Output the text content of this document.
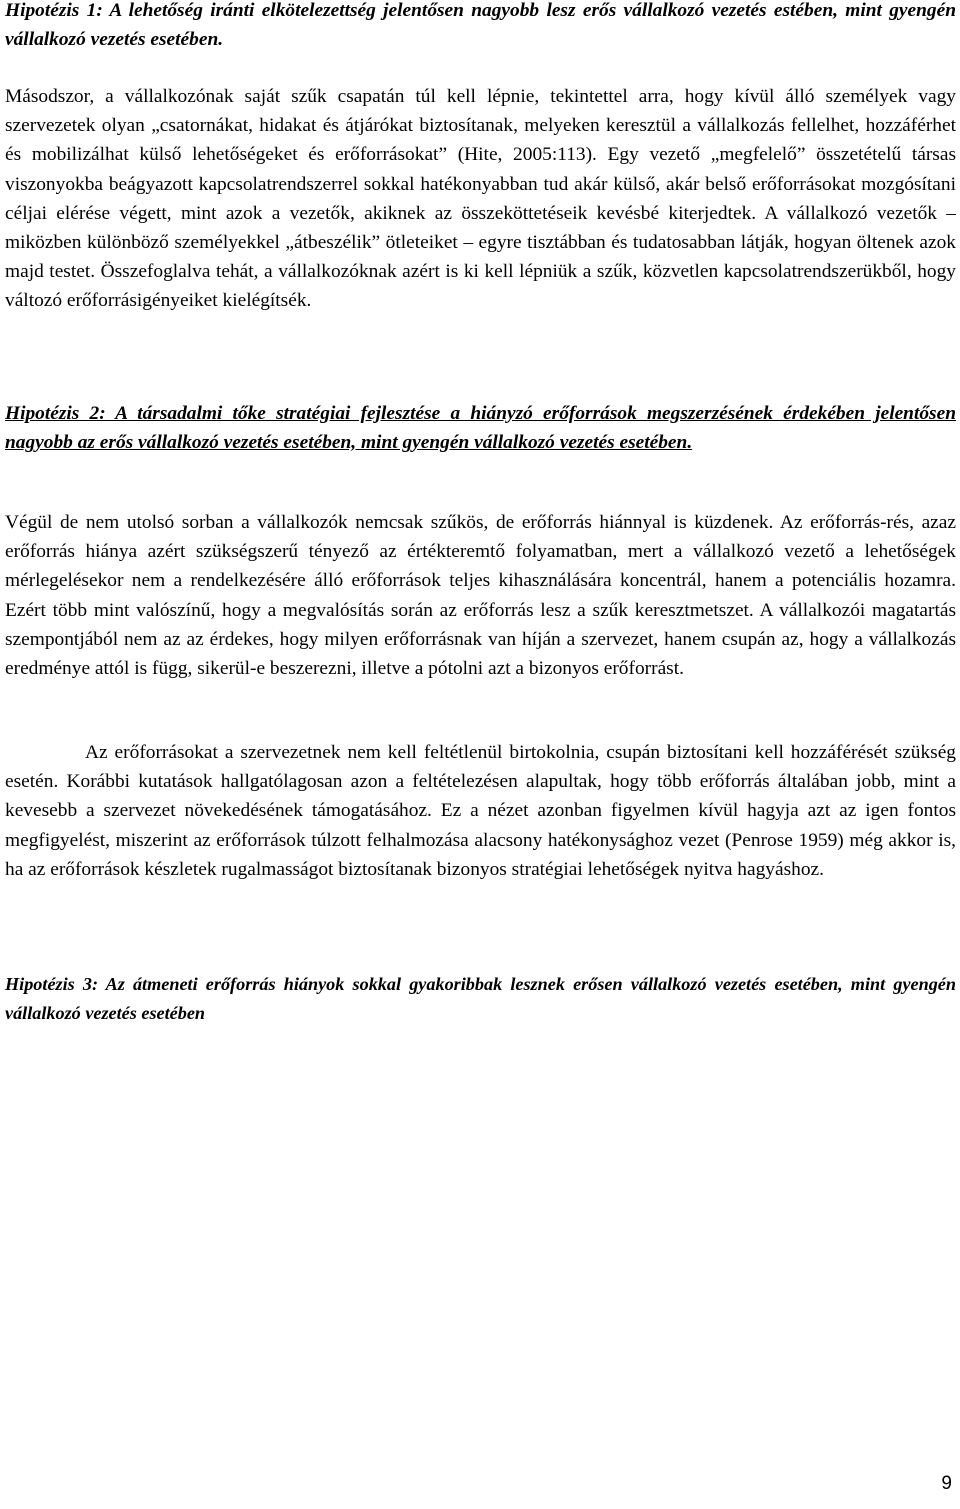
Hipotézis 1: A lehetőség iránti elkötelezettség jelentősen nagyobb lesz erős vállalkozó vezetés estében, mint gyengén vállalkozó vezetés esetében.

Másodszor, a vállalkozónak saját szűk csapatán túl kell lépnie, tekintettel arra, hogy kívül álló személyek vagy szervezetek olyan „csatornákat, hidakat és átjárókat biztosítanak, melyeken keresztül a vállalkozás fellelhet, hozzáférhet és mobilizálhat külső lehetőségeket és erőforrásokat” (Hite, 2005:113). Egy vezető „megfelelő” összetételű társas viszonyokba beágyazott kapcsolatrendszerrel sokkal hatékonyabban tud akár külső, akár belső erőforrásokat mozgósítani céljai elérése végett, mint azok a vezetők, akiknek az összeköttetéseik kevésbé kiterjedtek. A vállalkozó vezetők – miközben különböző személyekkel „átbeszélik” ötleteiket – egyre tisztábban és tudatosabban látják, hogyan öltenek azok majd testet. Összefoglalva tehát, a vállalkozóknak azért is ki kell lépniük a szűk, közvetlen kapcsolatrendszerükből, hogy változó erőforrásigényeiket kielégítsék.

Hipotézis 2: A társadalmi tőke stratégiai fejlesztése a hiányzó erőforrások megszerzésének érdekében jelentősen nagyobb az erős vállalkozó vezetés esetében, mint gyengén vállalkozó vezetés esetében.

Végül de nem utolsó sorban a vállalkozók nemcsak szűkös, de erőforrás hiánnyal is küzdenek. Az erőforrás-rés, azaz erőforrás hiánya azért szükségszerű tényező az értékteremtő folyamatban, mert a vállalkozó vezető a lehetőségek mérlegelésekor nem a rendelkezésére álló erőforrások teljes kihasználására koncentrál, hanem a potenciális hozamra. Ezért több mint valószínű, hogy a megvalósítás során az erőforrás lesz a szűk keresztmetszet. A vállalkozói magatartás szempontjából nem az az érdekes, hogy milyen erőforrásnak van híján a szervezet, hanem csupán az, hogy a vállalkozás eredménye attól is függ, sikerül-e beszerezni, illetve a pótolni azt a bizonyos erőforrást.

Az erőforrásokat a szervezetnek nem kell feltétlenül birtokolnia, csupán biztosítani kell hozzáférését szükség esetén. Korábbi kutatások hallgatólagosan azon a feltételezésen alapultak, hogy több erőforrás általában jobb, mint a kevesebb a szervezet növekedésének támogatásához. Ez a nézet azonban figyelmen kívül hagyja azt az igen fontos megfigyelést, miszerint az erőforrások túlzott felhalmozása alacsony hatékonysághoz vezet (Penrose 1959) még akkor is, ha az erőforrások készletek rugalmasságot biztosítanak bizonyos stratégiai lehetőségek nyitva hagyáshoz.

Hipotézis 3: Az átmeneti erőforrás hiányok sokkal gyakoribbak lesznek erősen vállalkozó vezetés esetében, mint gyengén vállalkozó vezetés esetében

9
